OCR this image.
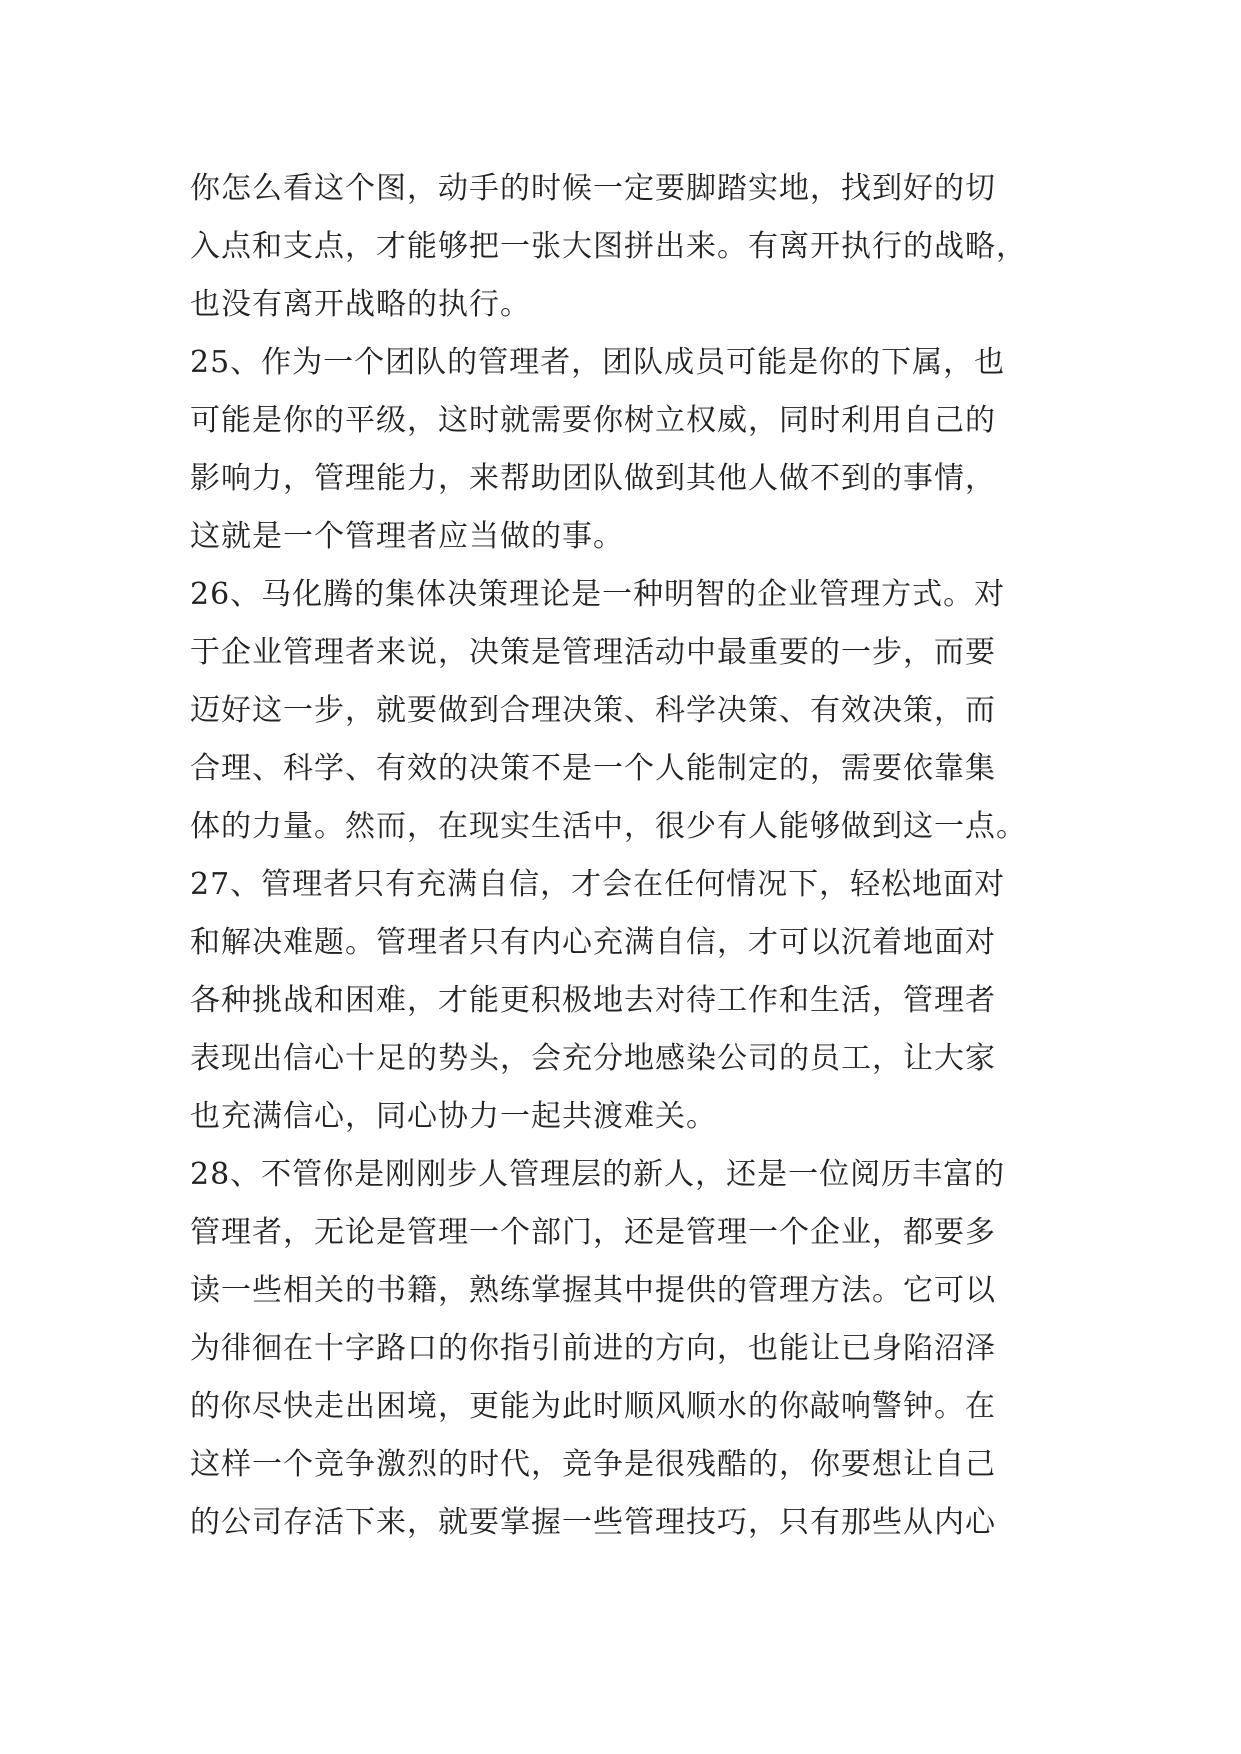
你怎么看这个图，动手的时候一定要脚踏实地，找到好的切
入点和支点，才能够把一张大图拼出来。有离开执行的战略，
也没有离开战略的执行。
25、作为一个团队的管理者，团队成员可能是你的下属，也
可能是你的平级，这时就需要你树立权威，同时利用自己的
影响力，管理能力，来帮助团队做到其他人做不到的事情，
这就是一个管理者应当做的事。
26、马化腾的集体决策理论是一种明智的企业管理方式。对
于企业管理者来说，决策是管理活动中最重要的一步，而要
迈好这一步，就要做到合理决策、科学决策、有效决策，而
合理、科学、有效的决策不是一个人能制定的，需要依靠集
体的力量。然而，在现实生活中，很少有人能够做到这一点。
27、管理者只有充满自信，才会在任何情况下，轻松地面对
和解决难题。管理者只有内心充满自信，才可以沉着地面对
各种挑战和困难，才能更积极地去对待工作和生活，管理者
表现出信心十足的势头，会充分地感染公司的员工，让大家
也充满信心，同心协力一起共渡难关。
28、不管你是刚刚步人管理层的新人，还是一位阅历丰富的
管理者，无论是管理一个部门，还是管理一个企业，都要多
读一些相关的书籍，熟练掌握其中提供的管理方法。它可以
为徘徊在十字路口的你指引前进的方向，也能让已身陷沼泽
的你尽快走出困境，更能为此时顺风顺水的你敲响警钟。在
这样一个竞争激烈的时代，竞争是很残酷的，你要想让自己
的公司存活下来，就要掌握一些管理技巧，只有那些从内心
